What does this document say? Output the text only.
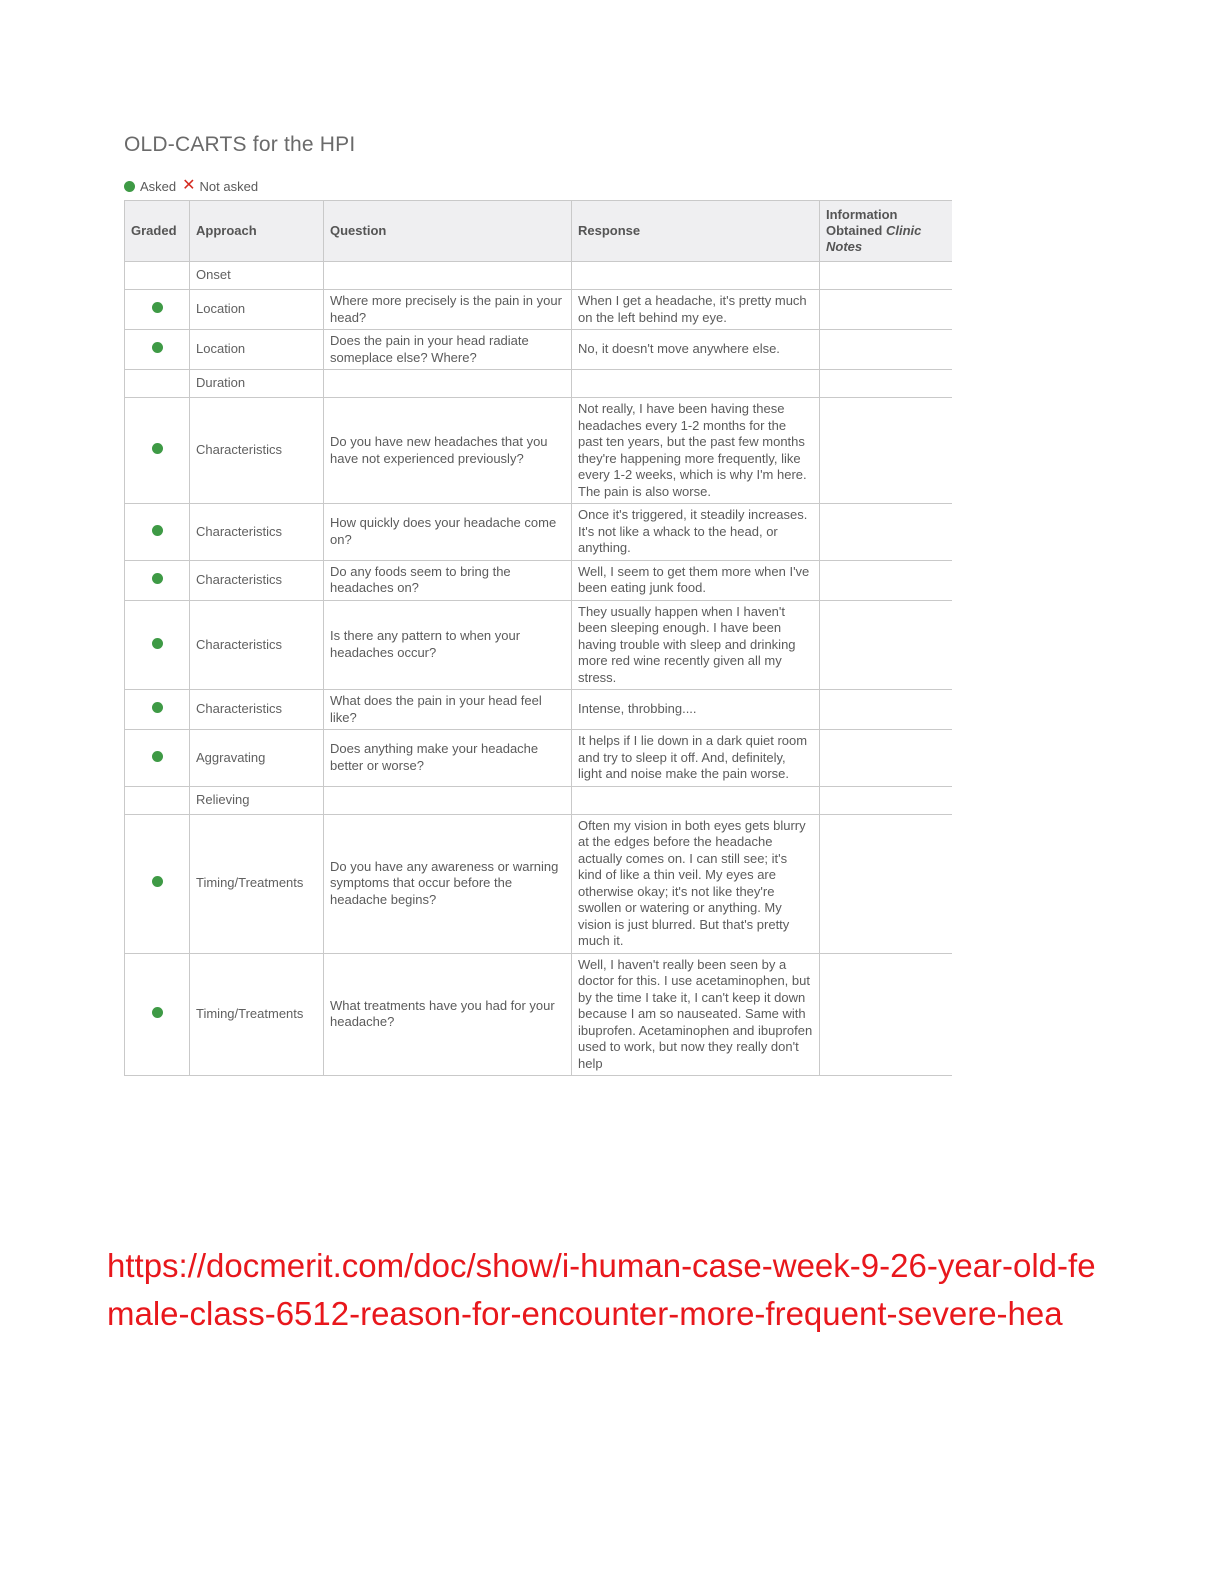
OLD-CARTS for the HPI
Asked ✕ Not asked
Graded	Approach	Question	Response	Information Obtained Clinic Notes
	Onset			
	Location	Where more precisely is the pain in your head?	When I get a headache, it's pretty much on the left behind my eye.	
	Location	Does the pain in your head radiate someplace else? Where?	No, it doesn't move anywhere else.	
	Duration			
	Characteristics	Do you have new headaches that you have not experienced previously?	Not really, I have been having these headaches every 1-2 months for the past ten years, but the past few months they're happening more frequently, like every 1-2 weeks, which is why I'm here. The pain is also worse.	
	Characteristics	How quickly does your headache come on?	Once it's triggered, it steadily increases. It's not like a whack to the head, or anything.	
	Characteristics	Do any foods seem to bring the headaches on?	Well, I seem to get them more when I've been eating junk food.	
	Characteristics	Is there any pattern to when your headaches occur?	They usually happen when I haven't been sleeping enough. I have been having trouble with sleep and drinking more red wine recently given all my stress.	
	Characteristics	What does the pain in your head feel like?	Intense, throbbing....	
	Aggravating	Does anything make your headache better or worse?	It helps if I lie down in a dark quiet room and try to sleep it off. And, definitely, light and noise make the pain worse.	
	Relieving			
	Timing/Treatments	Do you have any awareness or warning symptoms that occur before the headache begins?	Often my vision in both eyes gets blurry at the edges before the headache actually comes on. I can still see; it's kind of like a thin veil. My eyes are otherwise okay; it's not like they're swollen or watering or anything. My vision is just blurred. But that's pretty much it.	
	Timing/Treatments	What treatments have you had for your headache?	Well, I haven't really been seen by a doctor for this. I use acetaminophen, but by the time I take it, I can't keep it down because I am so nauseated. Same with ibuprofen. Acetaminophen and ibuprofen used to work, but now they really don't help	
https://docmerit.com/doc/show/i-human-case-week-9-26-year-old-female-class-6512-reason-for-encounter-more-frequent-severe-hea
